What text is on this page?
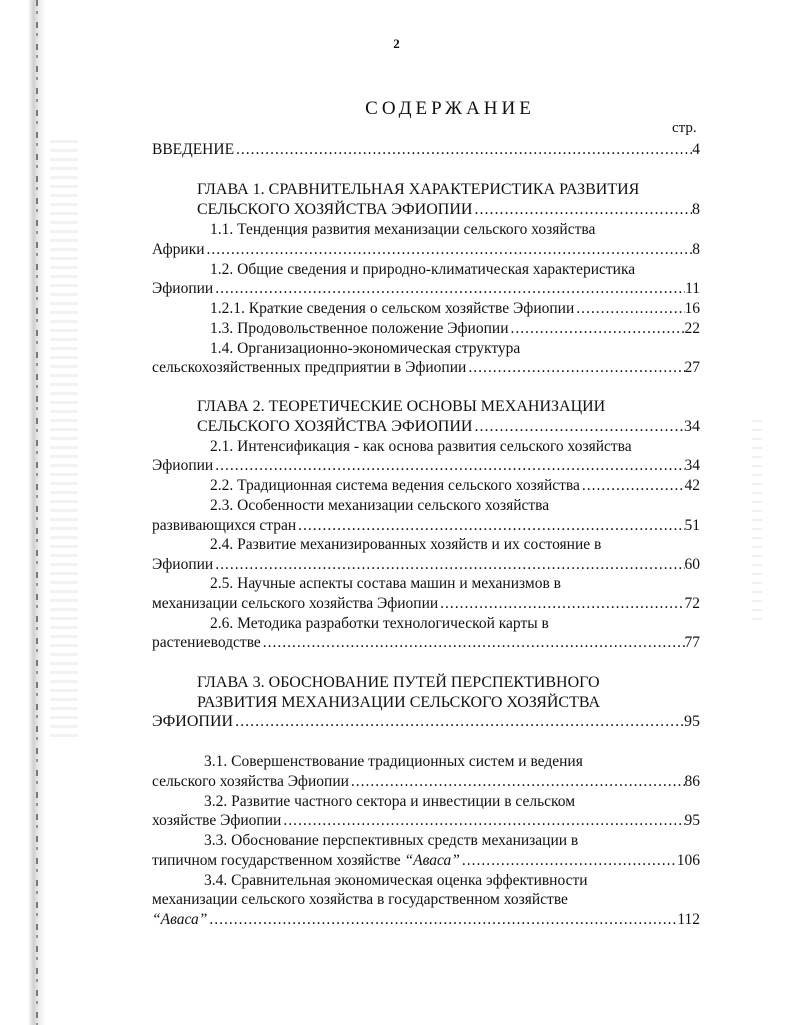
2
СОДЕРЖАНИЕ
стр.
ВВЕДЕНИЕ .....	4
ГЛАВА 1. СРАВНИТЕЛЬНАЯ ХАРАКТЕРИСТИКА РАЗВИТИЯ
СЕЛЬСКОГО ХОЗЯЙСТВА ЭФИОПИИ .....	8
1.1. Тенденция развития механизации сельского хозяйства
Африки .....	8
1.2. Общие сведения и природно-климатическая характеристика
Эфиопии .....	11
1.2.1. Краткие сведения о сельском хозяйстве Эфиопии .....	16
1.3. Продовольственное положение Эфиопии .....	22
1.4. Организационно-экономическая структура
сельскохозяйственных предприятии в Эфиопии .....	27
ГЛАВА 2. ТЕОРЕТИЧЕСКИЕ ОСНОВЫ МЕХАНИЗАЦИИ
СЕЛЬСКОГО ХОЗЯЙСТВА ЭФИОПИИ .....	34
2.1. Интенсификация - как основа развития сельского хозяйства
Эфиопии .....	34
2.2. Традиционная система ведения сельского хозяйства .....	42
2.3. Особенности механизации сельского хозяйства
развивающихся стран .....	51
2.4. Развитие механизированных хозяйств и их состояние в
Эфиопии .....	60
2.5. Научные аспекты состава машин и механизмов в
механизации сельского хозяйства Эфиопии .....	72
2.6. Методика разработки технологической карты в
растениеводстве .....	77
ГЛАВА 3. ОБОСНОВАНИЕ ПУТЕЙ ПЕРСПЕКТИВНОГО
РАЗВИТИЯ МЕХАНИЗАЦИИ СЕЛЬСКОГО ХОЗЯЙСТВА
ЭФИОПИИ .....	95
3.1. Совершенствование традиционных систем и ведения
сельского хозяйства Эфиопии .....	86
3.2. Развитие частного сектора и инвестиции в сельском
хозяйстве Эфиопии .....	95
3.3. Обоснование перспективных средств механизации в
типичном государственном хозяйстве “Аваса” .....	106
3.4. Сравнительная экономическая оценка эффективности
механизации сельского хозяйства в государственном хозяйстве
“Аваса” .....	112
